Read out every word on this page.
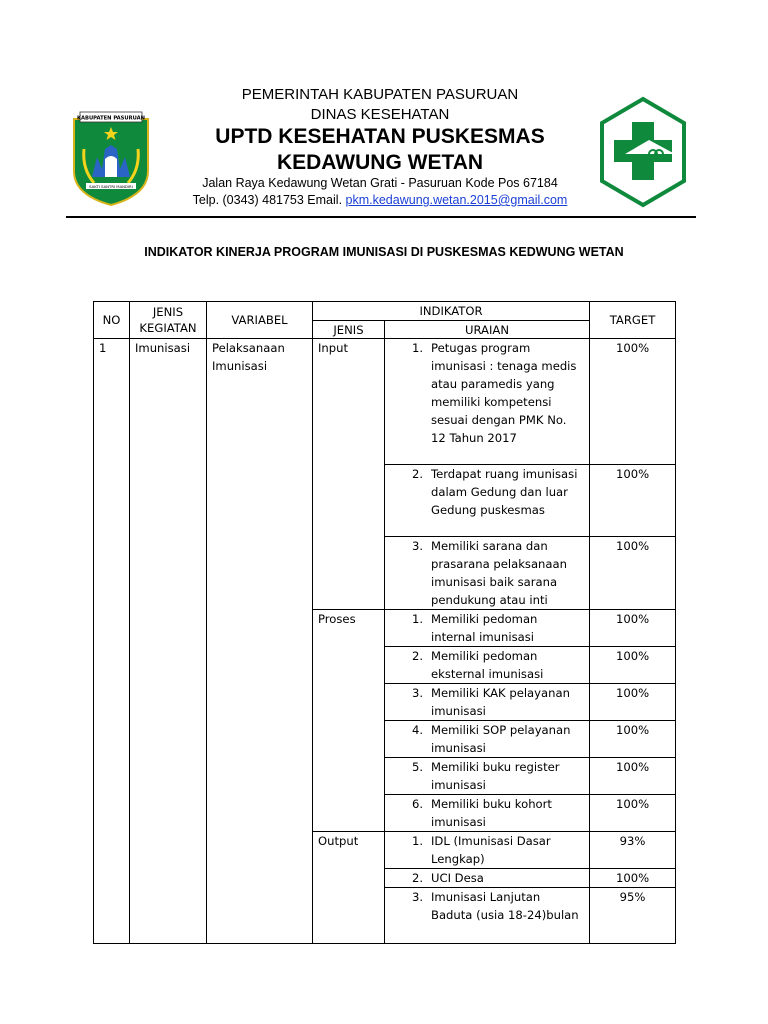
KABUPATEN PASURUAN
SAKTI SANTRI MANDIRI
PEMERINTAH KABUPATEN PASURUAN
DINAS KESEHATAN
UPTD KESEHATAN PUSKESMAS
KEDAWUNG WETAN
Jalan Raya Kedawung Wetan Grati - Pasuruan Kode Pos 67184
Telp. (0343) 481753 Email. pkm.kedawung.wetan.2015@gmail.com
INDIKATOR KINERJA PROGRAM IMUNISASI DI PUSKESMAS KEDWUNG WETAN
NO	JENIS KEGIATAN	VARIABEL	INDIKATOR		TARGET
			JENIS	URAIAN	
1	Imunisasi	Pelaksanaan Imunisasi	Input	1. Petugas program imunisasi : tenaga medis atau paramedis yang memiliki kompetensi sesuai dengan PMK No. 12 Tahun 2017	100%

				2. Terdapat ruang imunisasi dalam Gedung dan luar Gedung puskesmas	100%

				3. Memiliki sarana dan prasarana pelaksanaan imunisasi baik sarana pendukung atau inti	100%
			Proses	1. Memiliki pedoman internal imunisasi	100%

				2. Memiliki pedoman eksternal imunisasi	100%

				3. Memiliki KAK pelayanan imunisasi	100%

				4. Memiliki SOP pelayanan imunisasi	100%

				5. Memiliki buku register imunisasi	100%

				6. Memiliki buku kohort imunisasi	100%
			Output	1. IDL (Imunisasi Dasar Lengkap)	93%

				2. UCI Desa	100%

				3. Imunisasi Lanjutan Baduta (usia 18-24)bulan	95%
